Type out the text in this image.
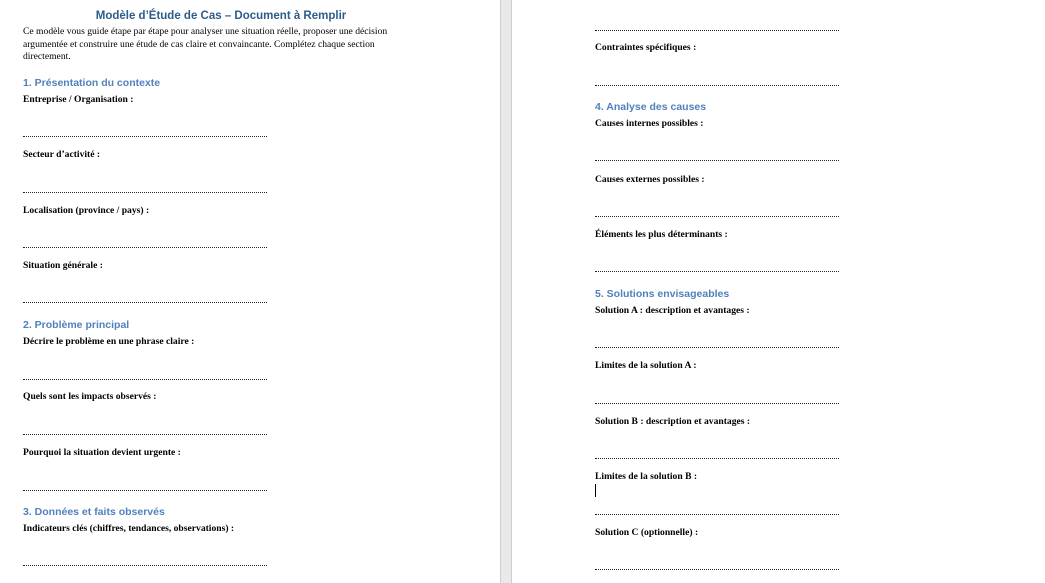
Modèle d’Étude de Cas – Document à Remplir

Ce modèle vous guide étape par étape pour analyser une situation réelle, proposer une décision argumentée et construire une étude de cas claire et convaincante. Complétez chaque section directement.

1. Présentation du contexte
Entreprise / Organisation :
Secteur d’activité :
Localisation (province / pays) :
Situation générale :
2. Problème principal
Décrire le problème en une phrase claire :
Quels sont les impacts observés :
Pourquoi la situation devient urgente :
3. Données et faits observés
Indicateurs clés (chiffres, tendances, observations) :
Contraintes spécifiques :
4. Analyse des causes
Causes internes possibles :
Causes externes possibles :
Éléments les plus déterminants :
5. Solutions envisageables
Solution A : description et avantages :
Limites de la solution A :
Solution B : description et avantages :
Limites de la solution B :
Solution C (optionnelle) :
